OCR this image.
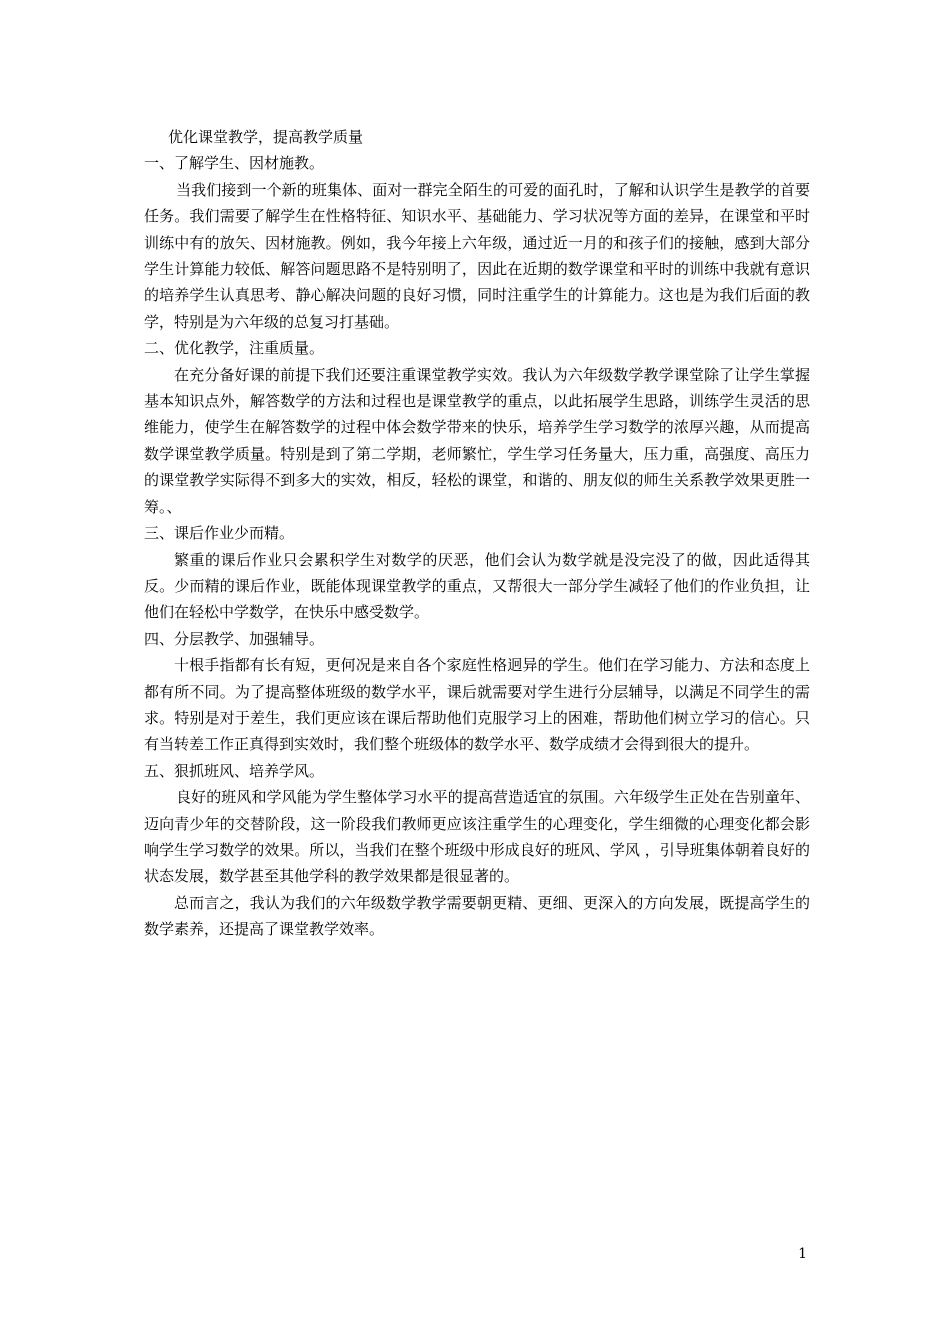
优化课堂教学，提高教学质量
一、了解学生、因材施教。

当我们接到一个新的班集体、面对一群完全陌生的可爱的面孔时，了解和认识学生是教学的首要任务。我们需要了解学生在性格特征、知识水平、基础能力、学习状况等方面的差异，在课堂和平时训练中有的放矢、因材施教。例如，我今年接上六年级，通过近一月的和孩子们的接触，感到大部分学生计算能力较低、解答问题思路不是特别明了，因此在近期的数学课堂和平时的训练中我就有意识的培养学生认真思考、静心解决问题的良好习惯，同时注重学生的计算能力。这也是为我们后面的教学，特别是为六年级的总复习打基础。

二、优化教学，注重质量。

在充分备好课的前提下我们还要注重课堂教学实效。我认为六年级数学教学课堂除了让学生掌握基本知识点外，解答数学的方法和过程也是课堂教学的重点，以此拓展学生思路，训练学生灵活的思维能力，使学生在解答数学的过程中体会数学带来的快乐，培养学生学习数学的浓厚兴趣，从而提高数学课堂教学质量。特别是到了第二学期，老师繁忙，学生学习任务量大，压力重，高强度、高压力的课堂教学实际得不到多大的实效，相反，轻松的课堂，和谐的、朋友似的师生关系教学效果更胜一筹。、

三、课后作业少而精。

繁重的课后作业只会累积学生对数学的厌恶，他们会认为数学就是没完没了的做，因此适得其反。少而精的课后作业，既能体现课堂教学的重点，又帮很大一部分学生减轻了他们的作业负担，让他们在轻松中学数学，在快乐中感受数学。

四、分层教学、加强辅导。

十根手指都有长有短，更何况是来自各个家庭性格迥异的学生。他们在学习能力、方法和态度上都有所不同。为了提高整体班级的数学水平，课后就需要对学生进行分层辅导，以满足不同学生的需求。特别是对于差生，我们更应该在课后帮助他们克服学习上的困难，帮助他们树立学习的信心。只有当转差工作正真得到实效时，我们整个班级体的数学水平、数学成绩才会得到很大的提升。

五、狠抓班风、培养学风。

良好的班风和学风能为学生整体学习水平的提高营造适宜的氛围。六年级学生正处在告别童年、迈向青少年的交替阶段，这一阶段我们教师更应该注重学生的心理变化，学生细微的心理变化都会影响学生学习数学的效果。所以，当我们在整个班级中形成良好的班风、学风 ，引导班集体朝着良好的状态发展，数学甚至其他学科的教学效果都是很显著的。

总而言之，我认为我们的六年级数学教学需要朝更精、更细、更深入的方向发展，既提高学生的数学素养，还提高了课堂教学效率。

1
